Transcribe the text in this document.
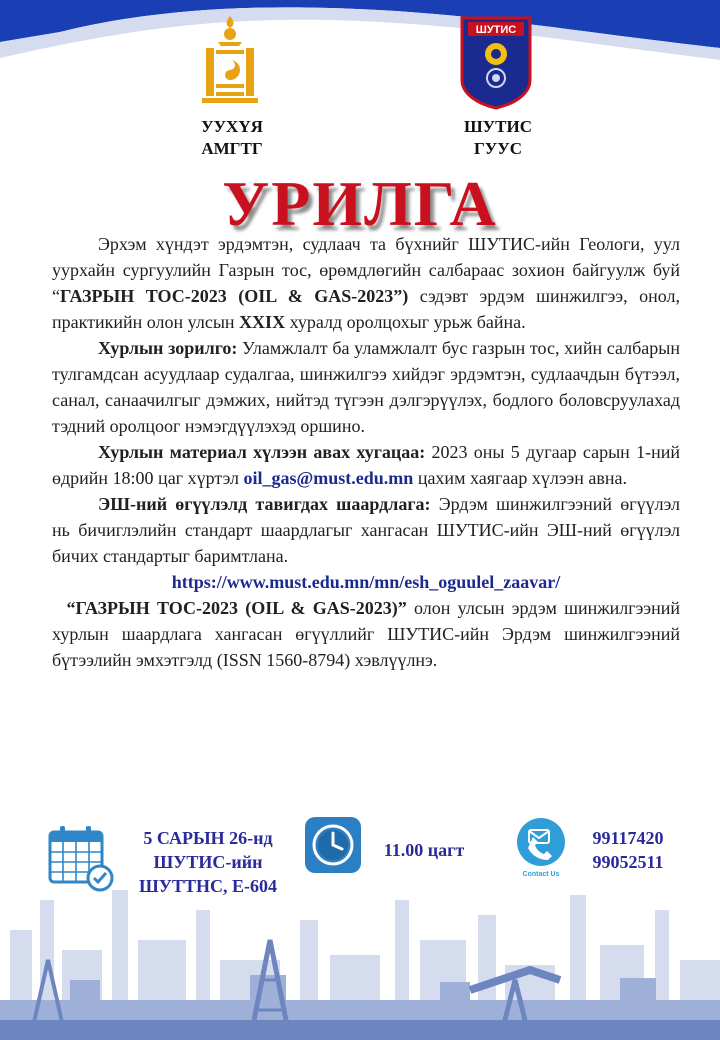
ШУТИС
УУХҮЯ
АМГТГ
ШУТИС
ГУУС
УРИЛГА

Эрхэм хүндэт эрдэмтэн, судлаач та бүхнийг ШУТИС-ийн Геологи, уул уурхайн сургуулийн Газрын тос, өрөмдлөгийн салбараас зохион байгуулж буй “ГАЗРЫН ТОС-2023 (OIL & GAS-2023”) сэдэвт эрдэм шинжилгээ, онол, практикийн олон улсын XXIX хуралд оролцохыг урьж байна.

Хурлын зорилго: Уламжлалт ба уламжлалт бус газрын тос, хийн салбарын тулгамдсан асуудлаар судалгаа, шинжилгээ хийдэг эрдэмтэн, судлаачдын бүтээл, санал, санаачилгыг дэмжих, нийтэд түгээн дэлгэрүүлэх, бодлого боловсруулахад тэдний оролцоог нэмэгдүүлэхэд оршино.

Хурлын материал хүлээн авах хугацаа: 2023 оны 5 дугаар сарын 1-ний өдрийн 18:00 цаг хүртэл oil_gas@must.edu.mn цахим хаягаар хүлээн авна.

ЭШ-ний өгүүлэлд тавигдах шаардлага: Эрдэм шинжилгээний өгүүлэл нь бичиглэлийн стандарт шаардлагыг хангасан ШУТИС-ийн ЭШ-ний өгүүлэл бичих стандартыг баримтлана.

https://www.must.edu.mn/mn/esh_oguulel_zaavar/

“ГАЗРЫН ТОС-2023 (OIL & GAS-2023)” олон улсын эрдэм шинжилгээний хурлын шаардлага хангасан өгүүллийг ШУТИС-ийн Эрдэм шинжилгээний бүтээлийн эмхэтгэлд (ISSN 1560-8794) хэвлүүлнэ.

5 САРЫН 26-нд
ШУТИС-ийн
ШУТТНС, Е-604
11.00 цагт
Contact Us
99117420
99052511
